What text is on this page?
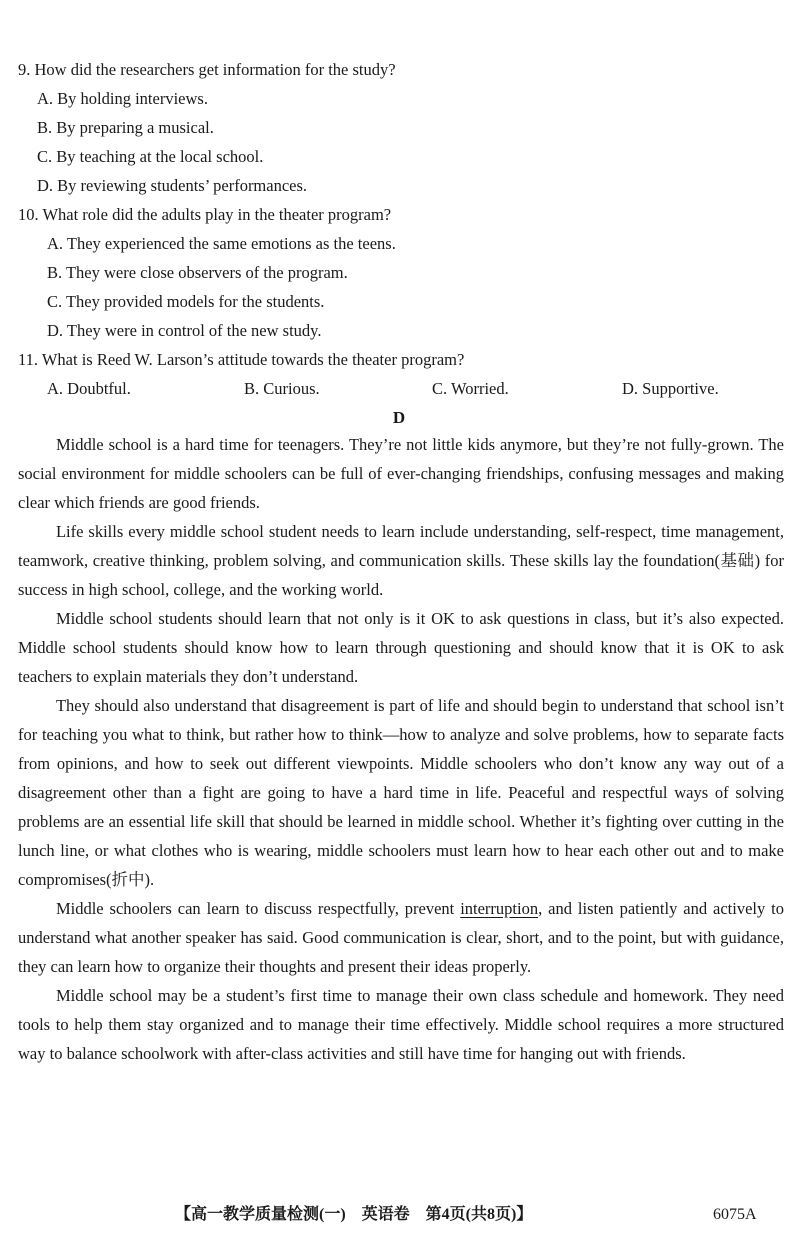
9. How did the researchers get information for the study?
A. By holding interviews.
B. By preparing a musical.
C. By teaching at the local school.
D. By reviewing students’ performances.
10. What role did the adults play in the theater program?
A. They experienced the same emotions as the teens.
B. They were close observers of the program.
C. They provided models for the students.
D. They were in control of the new study.
11. What is Reed W. Larson’s attitude towards the theater program?
A. Doubtful.	B. Curious.	C. Worried.	D. Supportive.
D

Middle school is a hard time for teenagers. They’re not little kids anymore, but they’re not fully-grown. The social environment for middle schoolers can be full of ever-changing friendships, confusing messages and making clear which friends are good friends.

Life skills every middle school student needs to learn include understanding, self-respect, time management, teamwork, creative thinking, problem solving, and communication skills. These skills lay the foundation(基础) for success in high school, college, and the working world.

Middle school students should learn that not only is it OK to ask questions in class, but it’s also expected. Middle school students should know how to learn through questioning and should know that it is OK to ask teachers to explain materials they don’t understand.

They should also understand that disagreement is part of life and should begin to understand that school isn’t for teaching you what to think, but rather how to think—how to analyze and solve problems, how to separate facts from opinions, and how to seek out different viewpoints. Middle schoolers who don’t know any way out of a disagreement other than a fight are going to have a hard time in life. Peaceful and respectful ways of solving problems are an essential life skill that should be learned in middle school. Whether it’s fighting over cutting in the lunch line, or what clothes who is wearing, middle schoolers must learn how to hear each other out and to make compromises(折中).

Middle schoolers can learn to discuss respectfully, prevent interruption, and listen patiently and actively to understand what another speaker has said. Good communication is clear, short, and to the point, but with guidance, they can learn how to organize their thoughts and present their ideas properly.

Middle school may be a student’s first time to manage their own class schedule and homework. They need tools to help them stay organized and to manage their time effectively. Middle school requires a more structured way to balance schoolwork with after-class activities and still have time for hanging out with friends.

【高一教学质量检测(一)　英语卷　第4页(共8页)】	6075A
